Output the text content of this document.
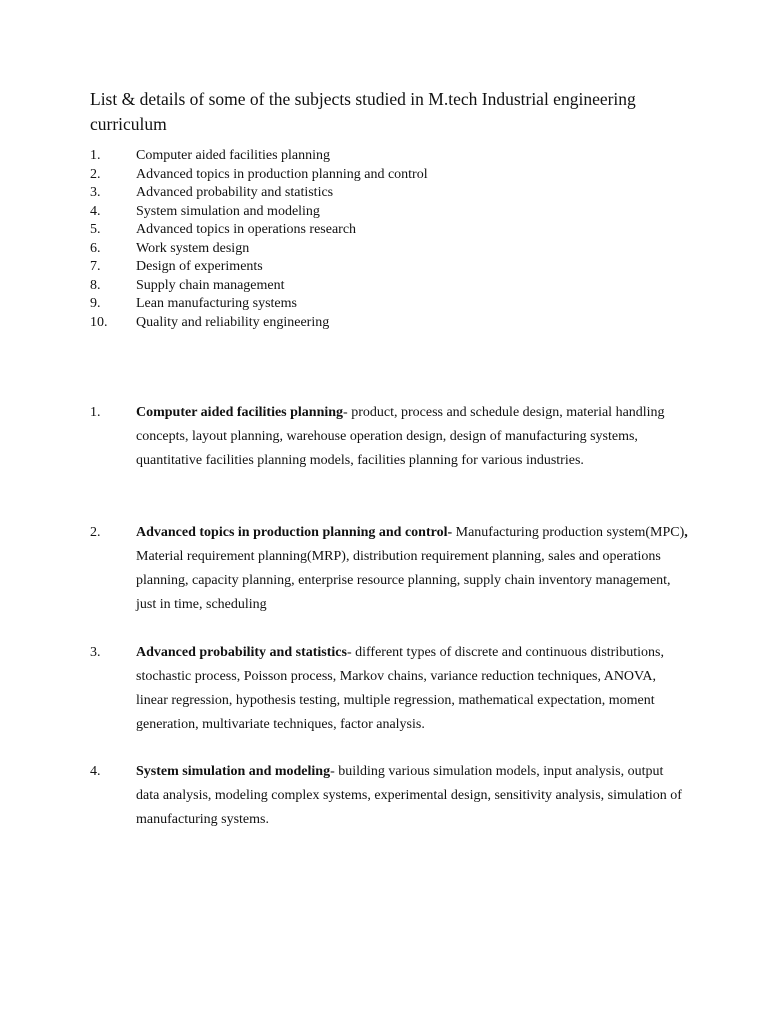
List & details of some of the subjects studied in M.tech Industrial engineering curriculum
1.	Computer aided facilities planning
2.	Advanced topics in production planning and control
3.	Advanced probability and statistics
4.	System simulation and modeling
5.	Advanced topics in operations research
6.	Work system design
7.	Design of experiments
8.	Supply chain management
9.	Lean manufacturing systems
10.	Quality and reliability engineering
1.	Computer aided facilities planning- product, process and schedule design, material handling concepts, layout planning, warehouse operation design, design of manufacturing systems, quantitative facilities planning models, facilities planning for various industries.
2.	Advanced topics in production planning and control- Manufacturing production system(MPC), Material requirement planning(MRP), distribution requirement planning, sales and operations planning, capacity planning, enterprise resource planning, supply chain inventory management, just in time, scheduling
3.	Advanced probability and statistics- different types of discrete and continuous distributions, stochastic process, Poisson process, Markov chains, variance reduction techniques, ANOVA, linear regression, hypothesis testing, multiple regression, mathematical expectation, moment generation, multivariate techniques, factor analysis.
4.	System simulation and modeling- building various simulation models, input analysis, output data analysis, modeling complex systems, experimental design, sensitivity analysis, simulation of manufacturing systems.
